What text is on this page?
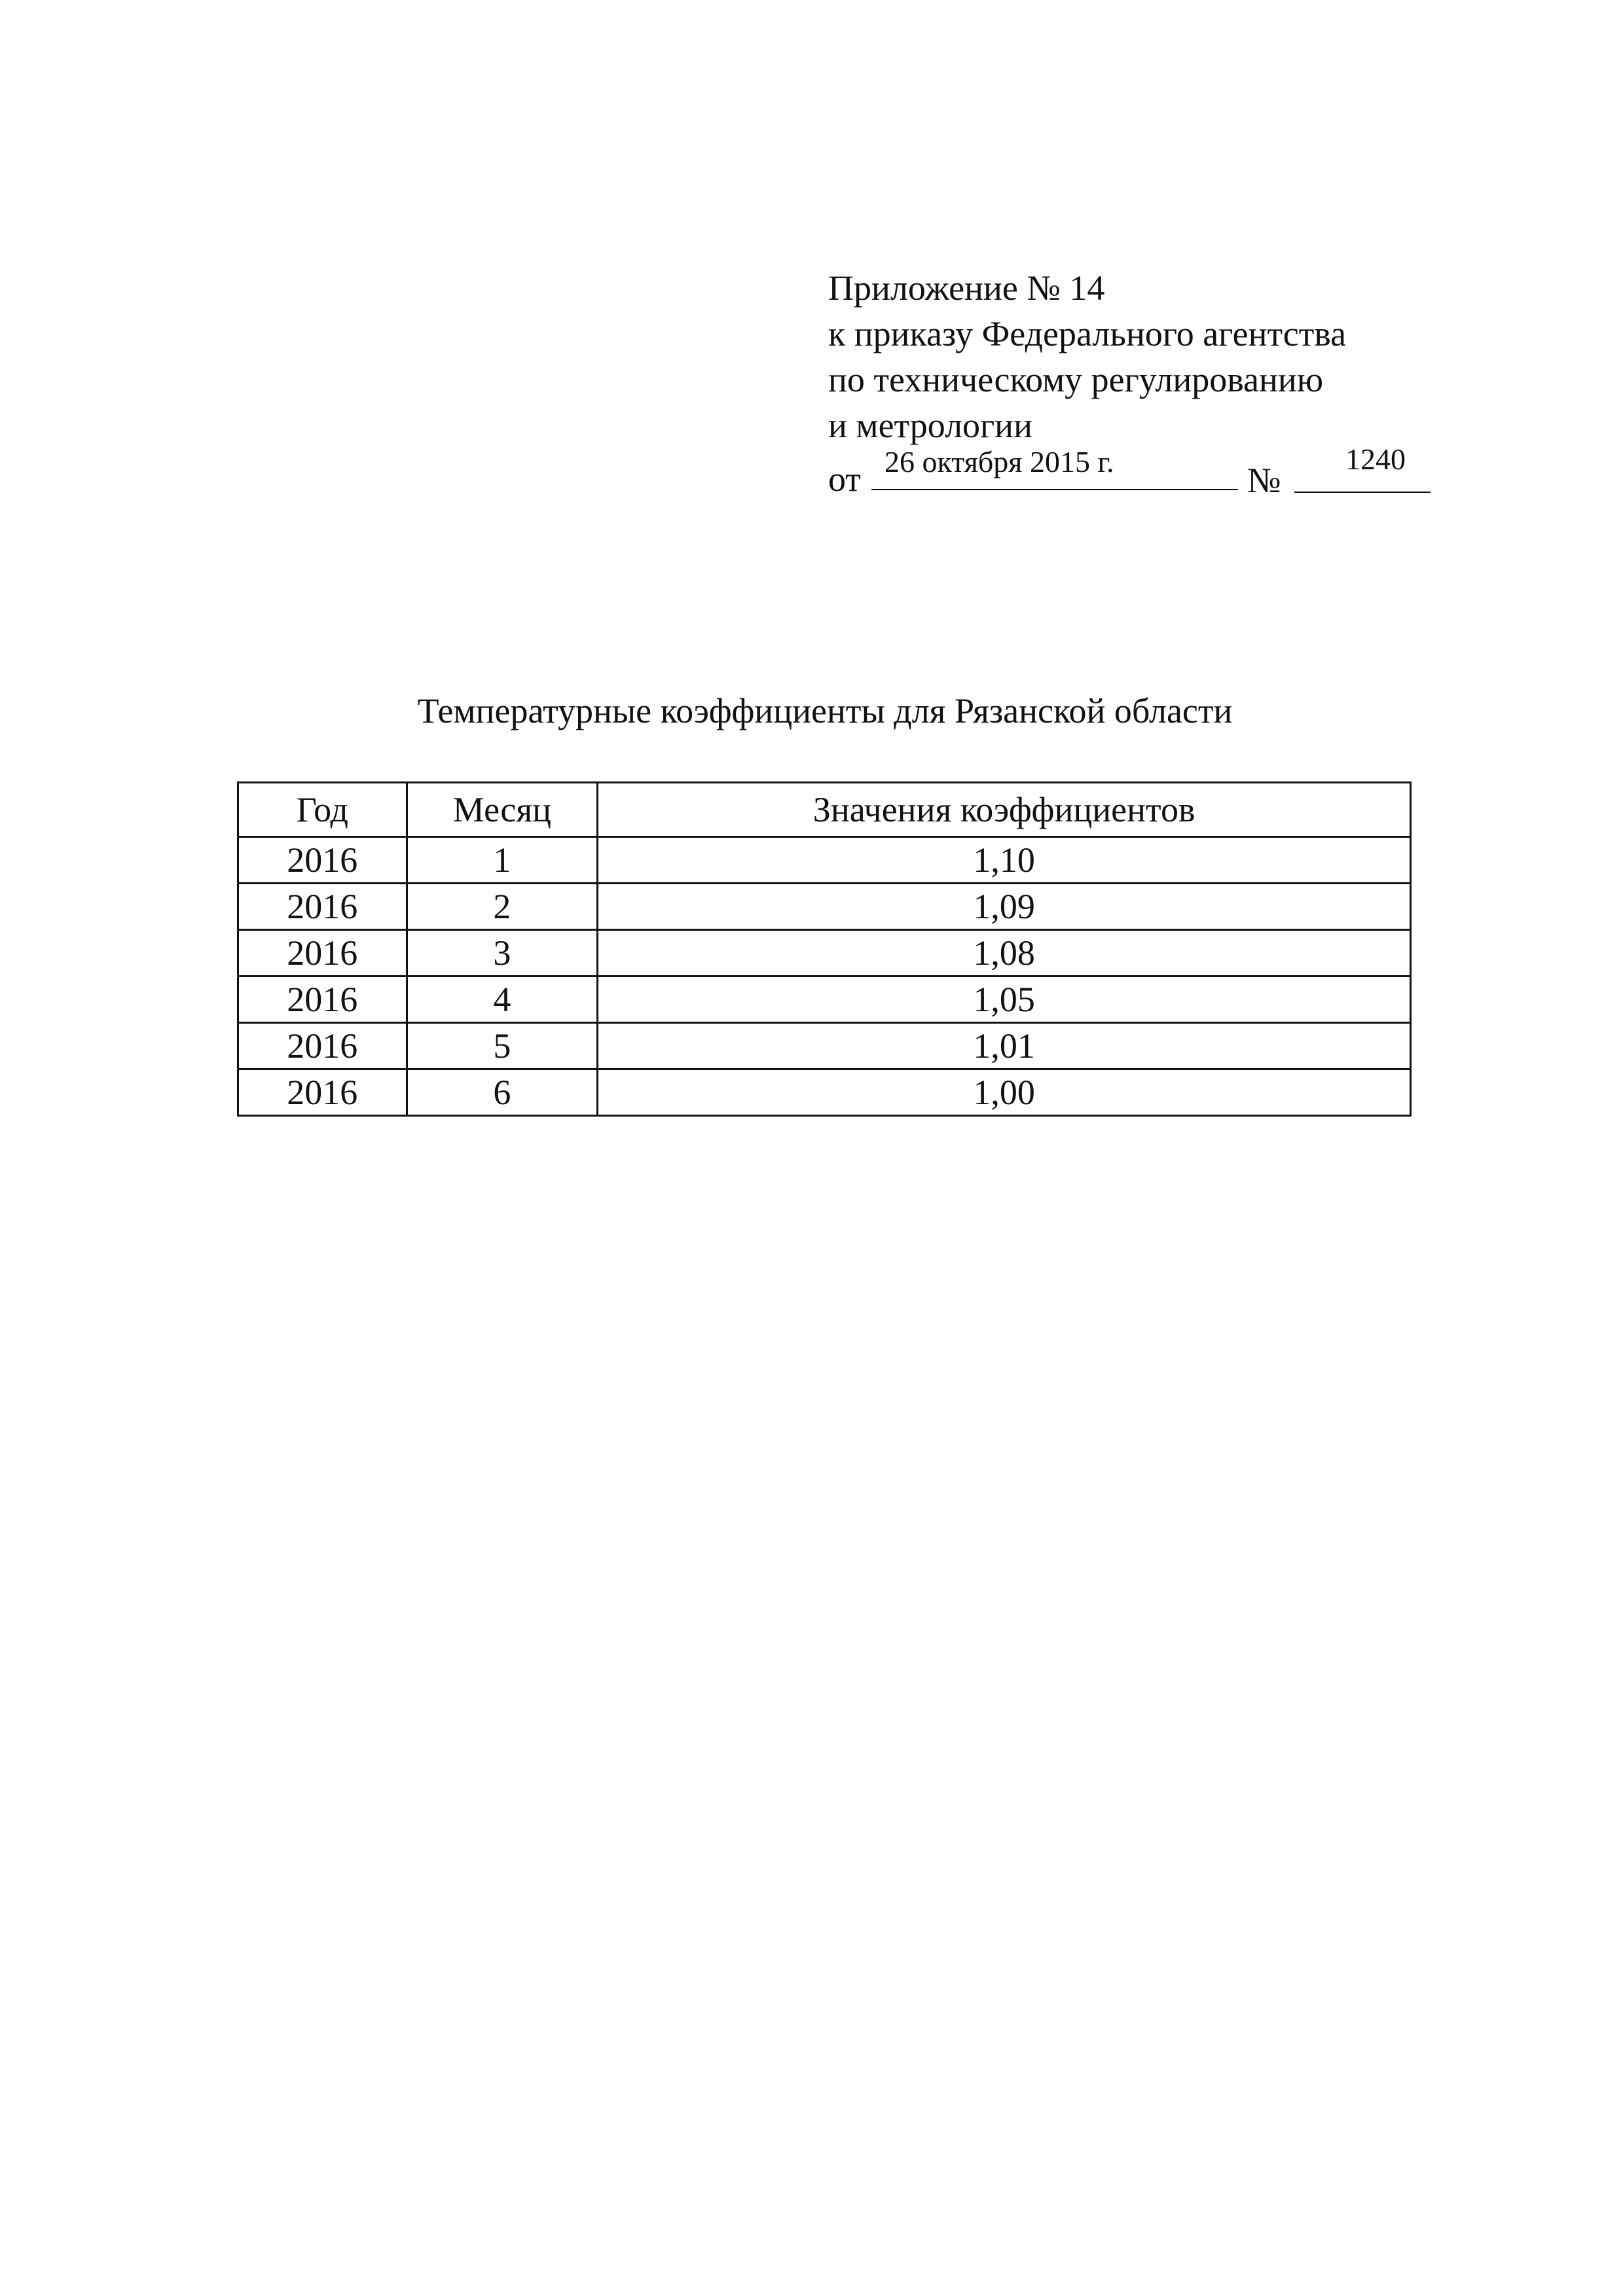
Приложение № 14
к приказу Федерального агентства
по техническому регулированию
и метрологии
от 26 октября 2015 г.	№
1240
Температурные коэффициенты для Рязанской области
Год	Месяц	Значения коэффициентов
2016	1	1,10
2016	2	1,09
2016	3	1,08
2016	4	1,05
2016	5	1,01
2016	6	1,00
